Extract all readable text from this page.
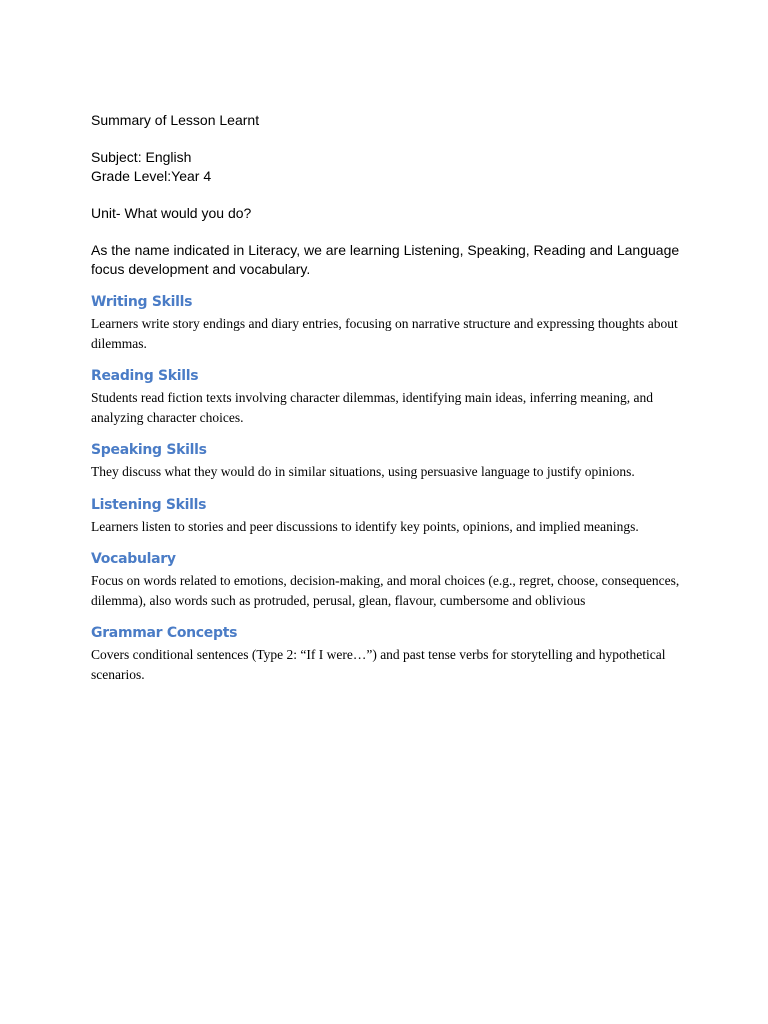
Summary of Lesson Learnt

Subject: English

Grade Level:Year 4

Unit- What would you do?

As the name indicated in Literacy, we are learning Listening, Speaking, Reading and Language focus development and vocabulary.

Writing Skills

Learners write story endings and diary entries, focusing on narrative structure and expressing thoughts about dilemmas.

Reading Skills

Students read fiction texts involving character dilemmas, identifying main ideas, inferring meaning, and analyzing character choices.

Speaking Skills

They discuss what they would do in similar situations, using persuasive language to justify opinions.

Listening Skills

Learners listen to stories and peer discussions to identify key points, opinions, and implied meanings.

Vocabulary

Focus on words related to emotions, decision-making, and moral choices (e.g., regret, choose, consequences, dilemma), also words such as protruded, perusal, glean, flavour, cumbersome and oblivious

Grammar Concepts

Covers conditional sentences (Type 2: “If I were…”) and past tense verbs for storytelling and hypothetical scenarios.
